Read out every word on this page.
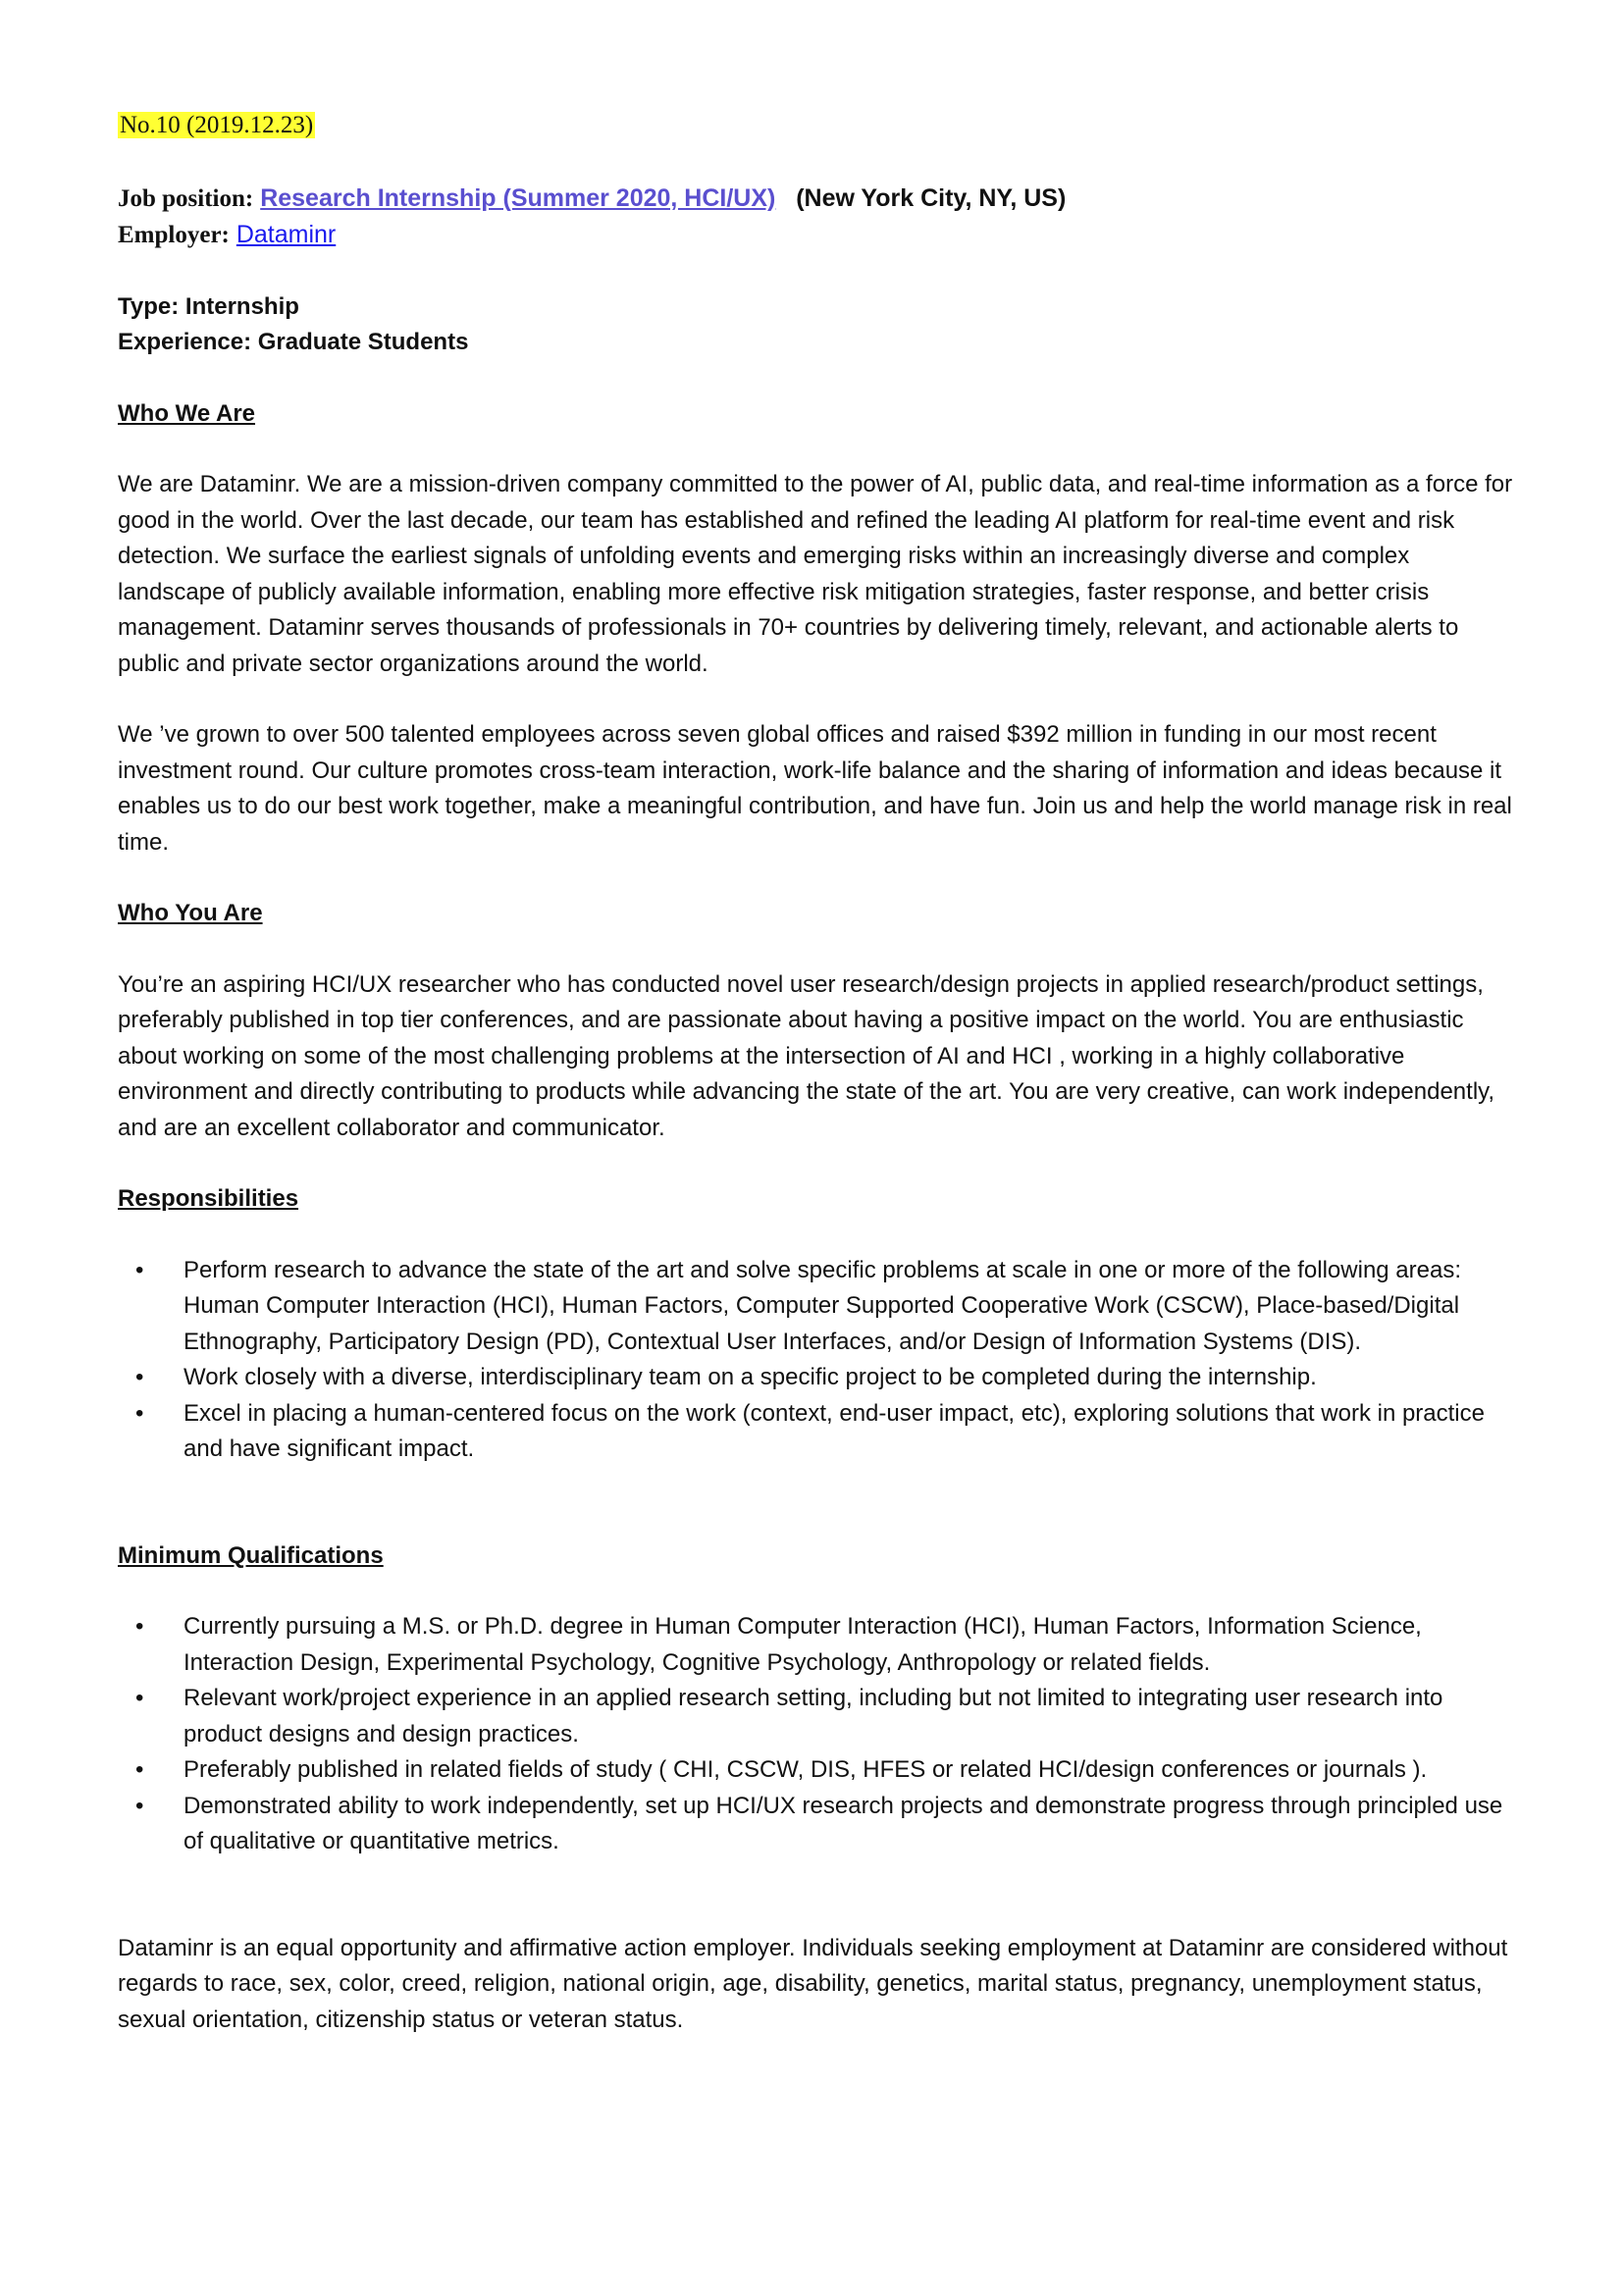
No.10 (2019.12.23)

Job position: Research Internship (Summer 2020, HCI/UX) (New York City, NY, US)

Employer: Dataminr

Type: Internship

Experience: Graduate Students

Who We Are

We are Dataminr. We are a mission-driven company committed to the power of AI, public data, and real-time information as a force for good in the world. Over the last decade, our team has established and refined the leading AI platform for real-time event and risk detection. We surface the earliest signals of unfolding events and emerging risks within an increasingly diverse and complex landscape of publicly available information, enabling more effective risk mitigation strategies, faster response, and better crisis management. Dataminr serves thousands of professionals in 70+ countries by delivering timely, relevant, and actionable alerts to public and private sector organizations around the world.

We ’ve grown to over 500 talented employees across seven global offices and raised $392 million in funding in our most recent investment round. Our culture promotes cross-team interaction, work-life balance and the sharing of information and ideas because it enables us to do our best work together, make a meaningful contribution, and have fun. Join us and help the world manage risk in real time.

Who You Are

You’re an aspiring HCI/UX researcher who has conducted novel user research/design projects in applied research/product settings, preferably published in top tier conferences, and are passionate about having a positive impact on the world. You are enthusiastic about working on some of the most challenging problems at the intersection of AI and HCI , working in a highly collaborative environment and directly contributing to products while advancing the state of the art. You are very creative, can work independently, and are an excellent collaborator and communicator.

Responsibilities

• Perform research to advance the state of the art and solve specific problems at scale in one or more of the following areas: Human Computer Interaction (HCI), Human Factors, Computer Supported Cooperative Work (CSCW), Place-based/Digital Ethnography, Participatory Design (PD), Contextual User Interfaces, and/or Design of Information Systems (DIS).
• Work closely with a diverse, interdisciplinary team on a specific project to be completed during the internship.
• Excel in placing a human-centered focus on the work (context, end-user impact, etc), exploring solutions that work in practice and have significant impact.

Minimum Qualifications

• Currently pursuing a M.S. or Ph.D. degree in Human Computer Interaction (HCI), Human Factors, Information Science, Interaction Design, Experimental Psychology, Cognitive Psychology, Anthropology or related fields.
• Relevant work/project experience in an applied research setting, including but not limited to integrating user research into product designs and design practices.
• Preferably published in related fields of study ( CHI, CSCW, DIS, HFES or related HCI/design conferences or journals ).
• Demonstrated ability to work independently, set up HCI/UX research projects and demonstrate progress through principled use of qualitative or quantitative metrics.

Dataminr is an equal opportunity and affirmative action employer. Individuals seeking employment at Dataminr are considered without regards to race, sex, color, creed, religion, national origin, age, disability, genetics, marital status, pregnancy, unemployment status, sexual orientation, citizenship status or veteran status.
